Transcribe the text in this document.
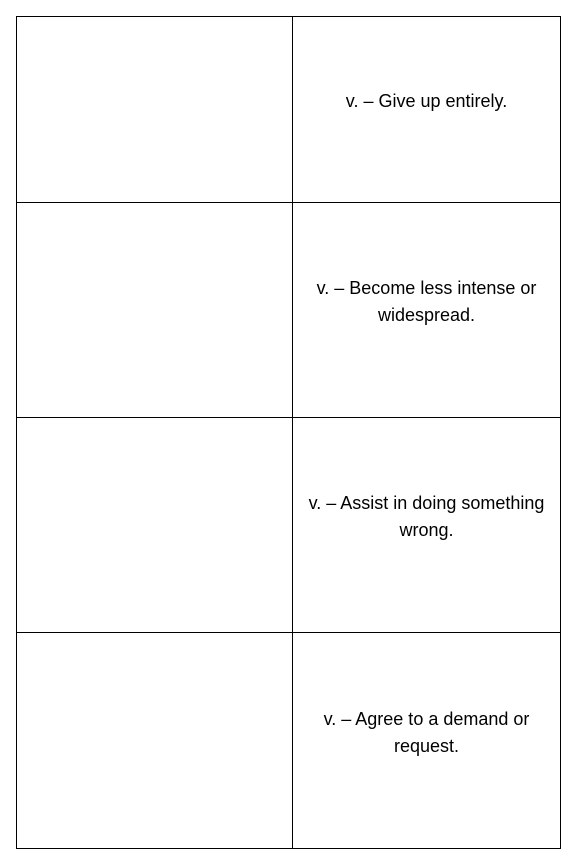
v. – Give up entirely.
v. – Become less intense or widespread.
v. – Assist in doing something wrong.
v. – Agree to a demand or request.
